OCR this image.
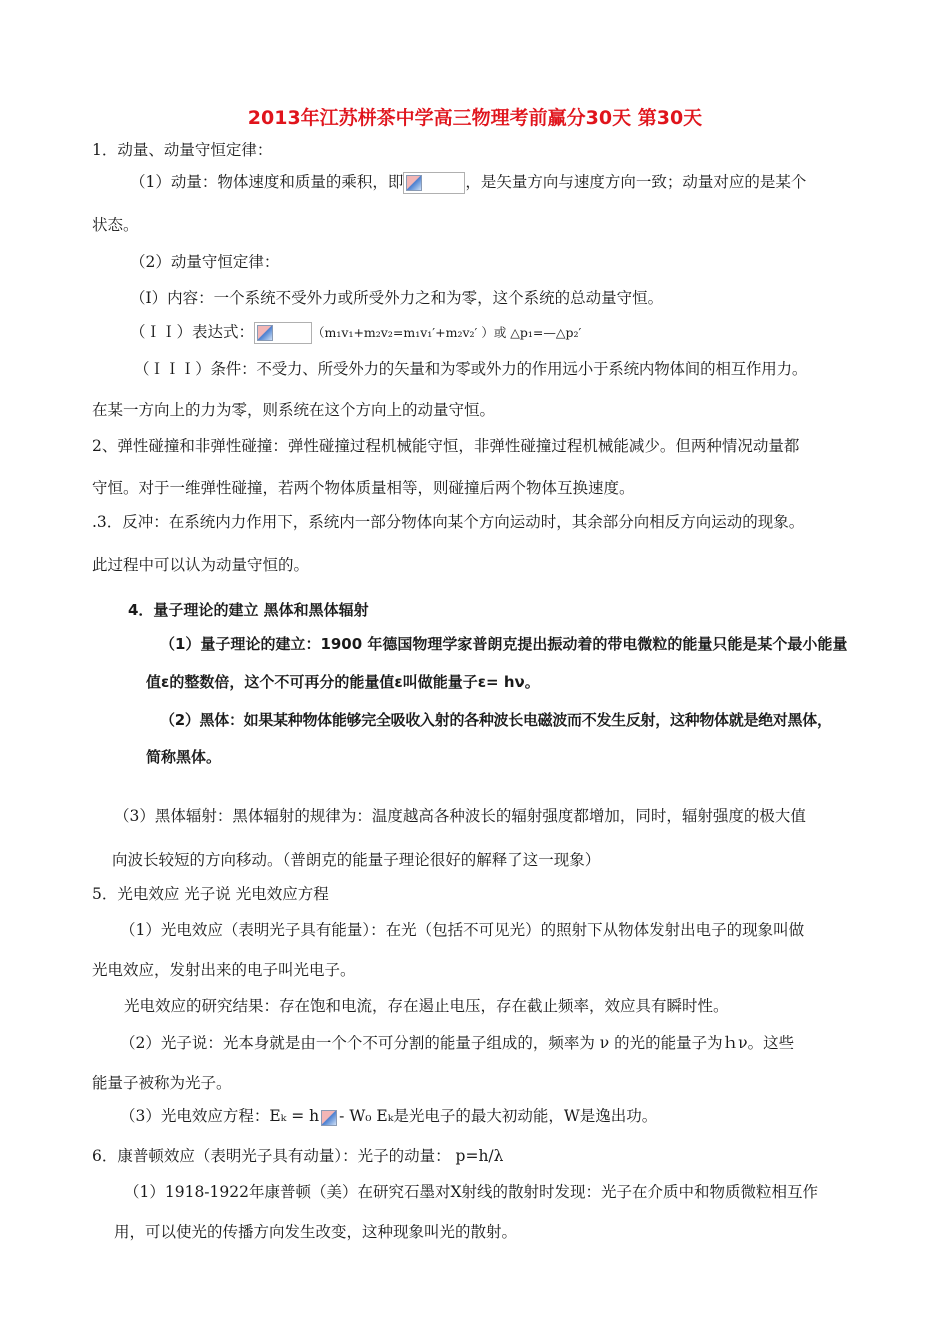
2013年江苏栟茶中学高三物理考前赢分30天 第30天
1．动量、动量守恒定律：
（1）动量：物体速度和质量的乘积，即	，是矢量方向与速度方向一致；动量对应的是某个
状态。
（2）动量守恒定律：
（Ⅰ）内容：一个系统不受外力或所受外力之和为零，这个系统的总动量守恒。
（ＩＩ）表达式：	（m₁v₁+m₂v₂=m₁v₁′+m₂v₂′ ）或 △p₁=—△p₂′
（ＩＩＩ）条件：不受力、所受外力的矢量和为零或外力的作用远小于系统内物体间的相互作用力。
在某一方向上的力为零，则系统在这个方向上的动量守恒。
2、弹性碰撞和非弹性碰撞：弹性碰撞过程机械能守恒，非弹性碰撞过程机械能减少。但两种情况动量都
守恒。对于一维弹性碰撞，若两个物体质量相等，则碰撞后两个物体互换速度。
.3．反冲：在系统内力作用下，系统内一部分物体向某个方向运动时，其余部分向相反方向运动的现象。
此过程中可以认为动量守恒的。
4．量子理论的建立 黑体和黑体辐射
（1）量子理论的建立：1900 年德国物理学家普朗克提出振动着的带电微粒的能量只能是某个最小能量
值ε的整数倍，这个不可再分的能量值ε叫做能量子ε= hν。
（2）黑体：如果某种物体能够完全吸收入射的各种波长电磁波而不发生反射，这种物体就是绝对黑体，
简称黑体。
（3）黑体辐射：黑体辐射的规律为：温度越高各种波长的辐射强度都增加，同时，辐射强度的极大值
向波长较短的方向移动。（普朗克的能量子理论很好的解释了这一现象）
5．光电效应 光子说 光电效应方程
（1）光电效应（表明光子具有能量）：在光（包括不可见光）的照射下从物体发射出电子的现象叫做
光电效应，发射出来的电子叫光电子。
光电效应的研究结果：存在饱和电流，存在遏止电压，存在截止频率，效应具有瞬时性。
（2）光子说：光本身就是由一个个不可分割的能量子组成的，频率为 ν 的光的能量子为ｈν。这些
能量子被称为光子。
（3）光电效应方程：Eₖ = h - W₀ Eₖ是光电子的最大初动能，W是逸出功。
6．康普顿效应（表明光子具有动量）：光子的动量： p=h/λ
（1）1918-1922年康普顿（美）在研究石墨对X射线的散射时发现：光子在介质中和物质微粒相互作
用，可以使光的传播方向发生改变，这种现象叫光的散射。
